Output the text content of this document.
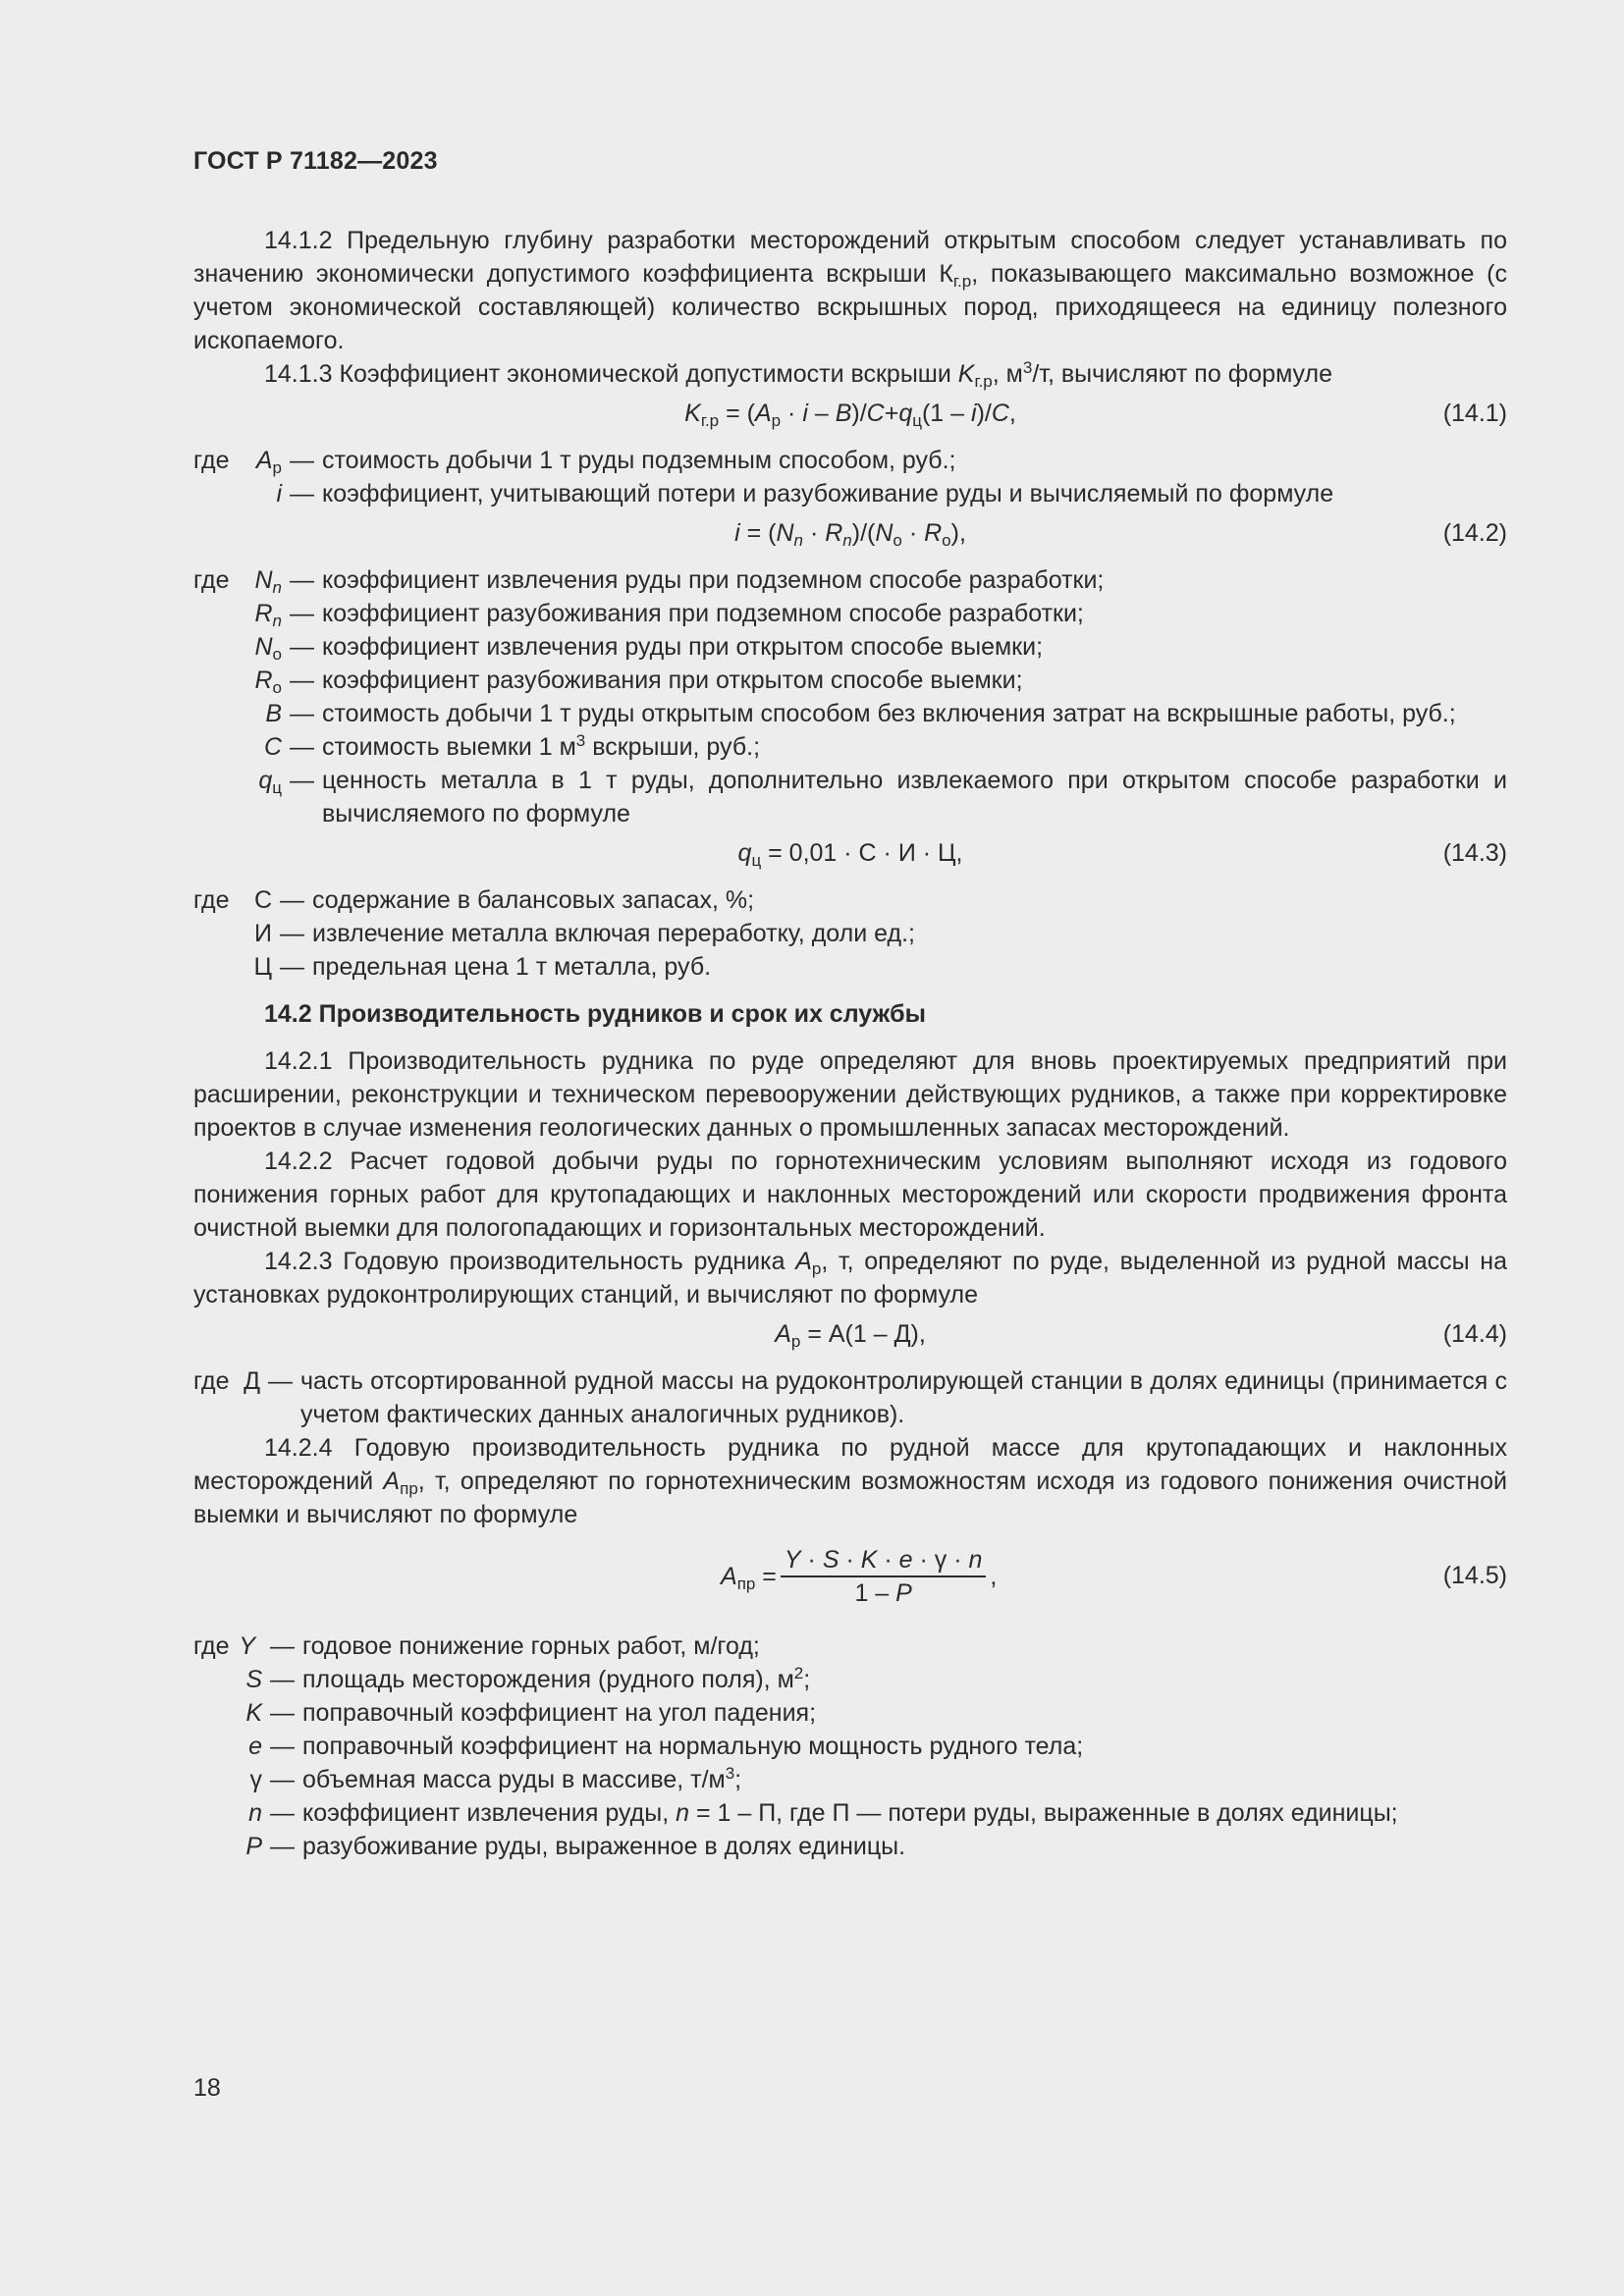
ГОСТ Р 71182—2023

14.1.2 Предельную глубину разработки месторождений открытым способом следует устанавливать по значению экономически допустимого коэффициента вскрыши $К_{г.р}$, показывающего максимально возможное (с учетом экономической составляющей) количество вскрышных пород, приходящееся на единицу полезного ископаемого.

14.1.3 Коэффициент экономической допустимости вскрыши $K_{г.р}$, $м^3/т$, вычисляют по формуле

$K_{г.р} = (A_р \cdot i - B)/C+q_ц(1 - i)/C$,	(14.1)
где $A_р$ — стоимость добычи 1 т руды подземным способом, руб.;
i — коэффициент, учитывающий потери и разубоживание руды и вычисляемый по формуле
$i = (N_n \cdot R_n)/(N_о \cdot R_о)$,	(14.2)
где $N_n$ — коэффициент извлечения руды при подземном способе разработки;
$R_n$ — коэффициент разубоживания при подземном способе разработки;
$N_о$ — коэффициент извлечения руды при открытом способе выемки;
$R_о$ — коэффициент разубоживания при открытом способе выемки;
B — стоимость добычи 1 т руды открытым способом без включения затрат на вскрышные работы, руб.;
C — стоимость выемки 1 $м^3$ вскрыши, руб.;
$q_ц$ — ценность металла в 1 т руды, дополнительно извлекаемого при открытом способе разработки и вычисляемого по формуле
$q_ц = 0,01 \cdot С \cdot И \cdot Ц$,	(14.3)
где С — содержание в балансовых запасах, %;
И — извлечение металла включая переработку, доли ед.;
Ц — предельная цена 1 т металла, руб.
14.2 Производительность рудников и срок их службы

14.2.1 Производительность рудника по руде определяют для вновь проектируемых предприятий при расширении, реконструкции и техническом перевооружении действующих рудников, а также при корректировке проектов в случае изменения геологических данных о промышленных запасах месторождений.

14.2.2 Расчет годовой добычи руды по горнотехническим условиям выполняют исходя из годового понижения горных работ для крутопадающих и наклонных месторождений или скорости продвижения фронта очистной выемки для пологопадающих и горизонтальных месторождений.

14.2.3 Годовую производительность рудника $A_р$, т, определяют по руде, выделенной из рудной массы на установках рудоконтролирующих станций, и вычисляют по формуле

$A_р = А(1 - Д)$,	(14.4)
где Д — часть отсортированной рудной массы на рудоконтролирующей станции в долях единицы (принимается с учетом фактических данных аналогичных рудников).

14.2.4 Годовую производительность рудника по рудной массе для крутопадающих и наклонных месторождений $A_{пр}$, т, определяют по горнотехническим возможностям исходя из годового понижения очистной выемки и вычисляют по формуле

$A_{пр} = \frac{Y \cdot S \cdot K \cdot e \cdot \gamma \cdot n}{1 - P}$ ,	(14.5)
где Y — годовое понижение горных работ, м/год;
S — площадь месторождения (рудного поля), $м^2$;
K — поправочный коэффициент на угол падения;
e — поправочный коэффициент на нормальную мощность рудного тела;
γ — объемная масса руды в массиве, $т/м^3$;
n — коэффициент извлечения руды, n = 1 – П, где П — потери руды, выраженные в долях единицы;
P — разубоживание руды, выраженное в долях единицы.
18
